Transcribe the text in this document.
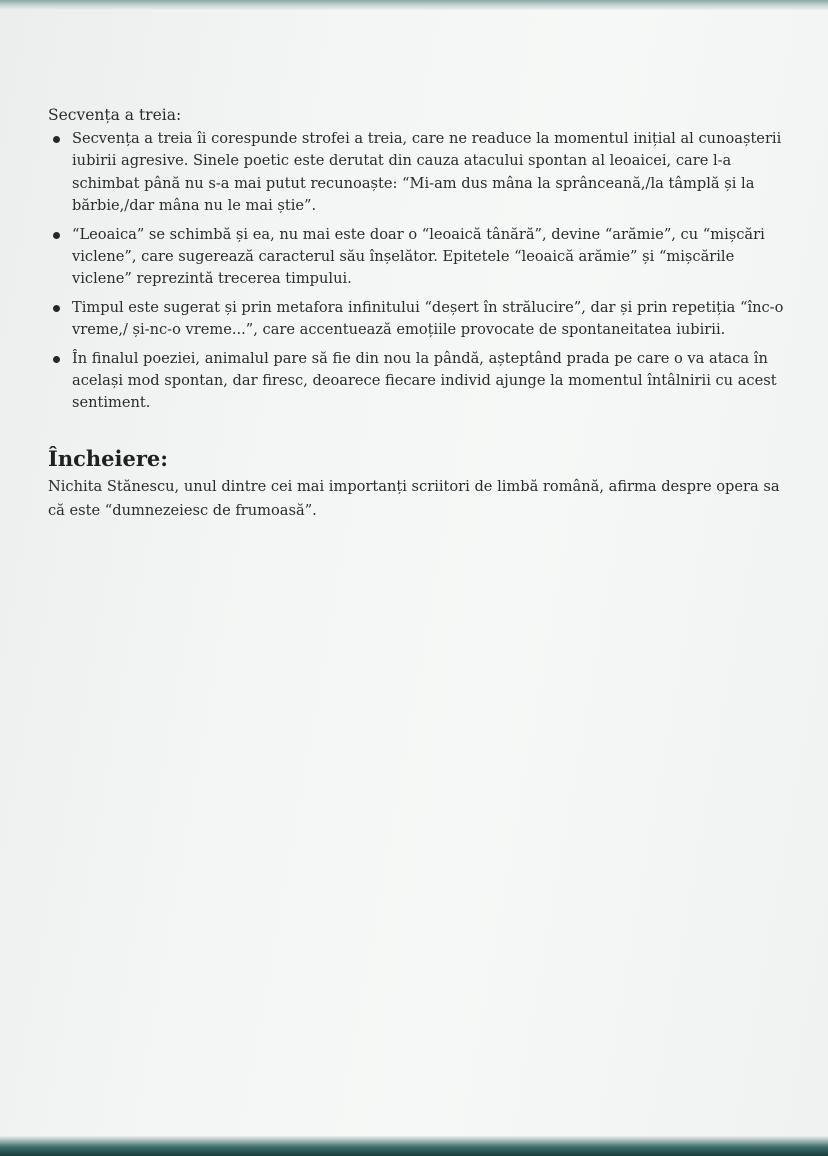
Secvența a treia:

Secvența a treia îi corespunde strofei a treia, care ne readuce la momentul inițial al cunoașterii iubirii agresive. Sinele poetic este derutat din cauza atacului spontan al leoaicei, care l-a schimbat până nu s-a mai putut recunoaște: “Mi-am dus mâna la sprânceană,/la tâmplă și la bărbie,/dar mâna nu le mai știe”.
“Leoaica” se schimbă și ea, nu mai este doar o “leoaică tânără”, devine “arămie”, cu “mișcări viclene”, care sugerează caracterul său înșelător. Epitetele “leoaică arămie” și “mișcările viclene” reprezintă trecerea timpului.
Timpul este sugerat și prin metafora infinitului “deșert în strălucire”, dar și prin repetiția “înc-o vreme,/ și-nc-o vreme...”, care accentuează emoțiile provocate de spontaneitatea iubirii.
În finalul poeziei, animalul pare să fie din nou la pândă, așteptând prada pe care o va ataca în același mod spontan, dar firesc, deoarece fiecare individ ajunge la momentul întâlnirii cu acest sentiment.
Încheiere:

Nichita Stănescu, unul dintre cei mai importanți scriitori de limbă română, afirma despre opera sa că este “dumnezeiesc de frumoasă”.
